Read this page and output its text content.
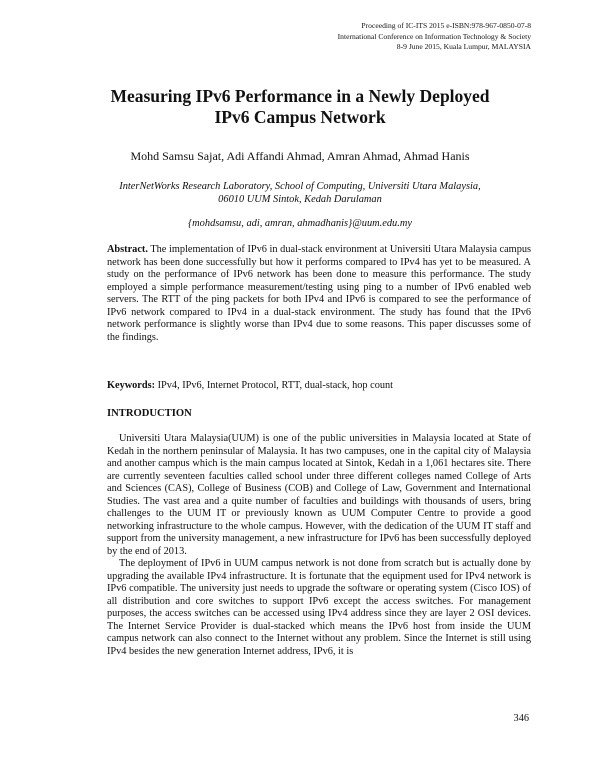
Proceeding of IC-ITS 2015 e-ISBN:978-967-0850-07-8
International Conference on Information Technology & Society
8-9 June 2015, Kuala Lumpur, MALAYSIA
Measuring IPv6 Performance in a Newly Deployed
IPv6 Campus Network
Mohd Samsu Sajat, Adi Affandi Ahmad, Amran Ahmad, Ahmad Hanis
InterNetWorks Research Laboratory, School of Computing, Universiti Utara Malaysia,
06010 UUM Sintok, Kedah Darulaman
{mohdsamsu, adi, amran, ahmadhanis}@uum.edu.my

Abstract. The implementation of IPv6 in dual-stack environment at Universiti Utara Malaysia campus network has been done successfully but how it performs compared to IPv4 has yet to be measured. A study on the performance of IPv6 network has been done to measure this performance. The study employed a simple performance measurement/testing using ping to a number of IPv6 enabled web servers. The RTT of the ping packets for both IPv4 and IPv6 is compared to see the performance of IPv6 network compared to IPv4 in a dual-stack environment. The study has found that the IPv6 network performance is slightly worse than IPv4 due to some reasons. This paper discusses some of the findings.

Keywords: IPv4, IPv6, Internet Protocol, RTT, dual-stack, hop count

INTRODUCTION

Universiti Utara Malaysia(UUM) is one of the public universities in Malaysia located at State of Kedah in the northern peninsular of Malaysia. It has two campuses, one in the capital city of Malaysia and another campus which is the main campus located at Sintok, Kedah in a 1,061 hectares site. There are currently seventeen faculties called school under three different colleges named College of Arts and Sciences (CAS), College of Business (COB) and College of Law, Government and International Studies. The vast area and a quite number of faculties and buildings with thousands of users, bring challenges to the UUM IT or previously known as UUM Computer Centre to provide a good networking infrastructure to the whole campus. However, with the dedication of the UUM IT staff and support from the university management, a new infrastructure for IPv6 has been successfully deployed by the end of 2013.

The deployment of IPv6 in UUM campus network is not done from scratch but is actually done by upgrading the available IPv4 infrastructure. It is fortunate that the equipment used for IPv4 network is IPv6 compatible. The university just needs to upgrade the software or operating system (Cisco IOS) of all distribution and core switches to support IPv6 except the access switches. For management purposes, the access switches can be accessed using IPv4 address since they are layer 2 OSI devices. The Internet Service Provider is dual-stacked which means the IPv6 host from inside the UUM campus network can also connect to the Internet without any problem. Since the Internet is still using IPv4 besides the new generation Internet address, IPv6, it is

346
